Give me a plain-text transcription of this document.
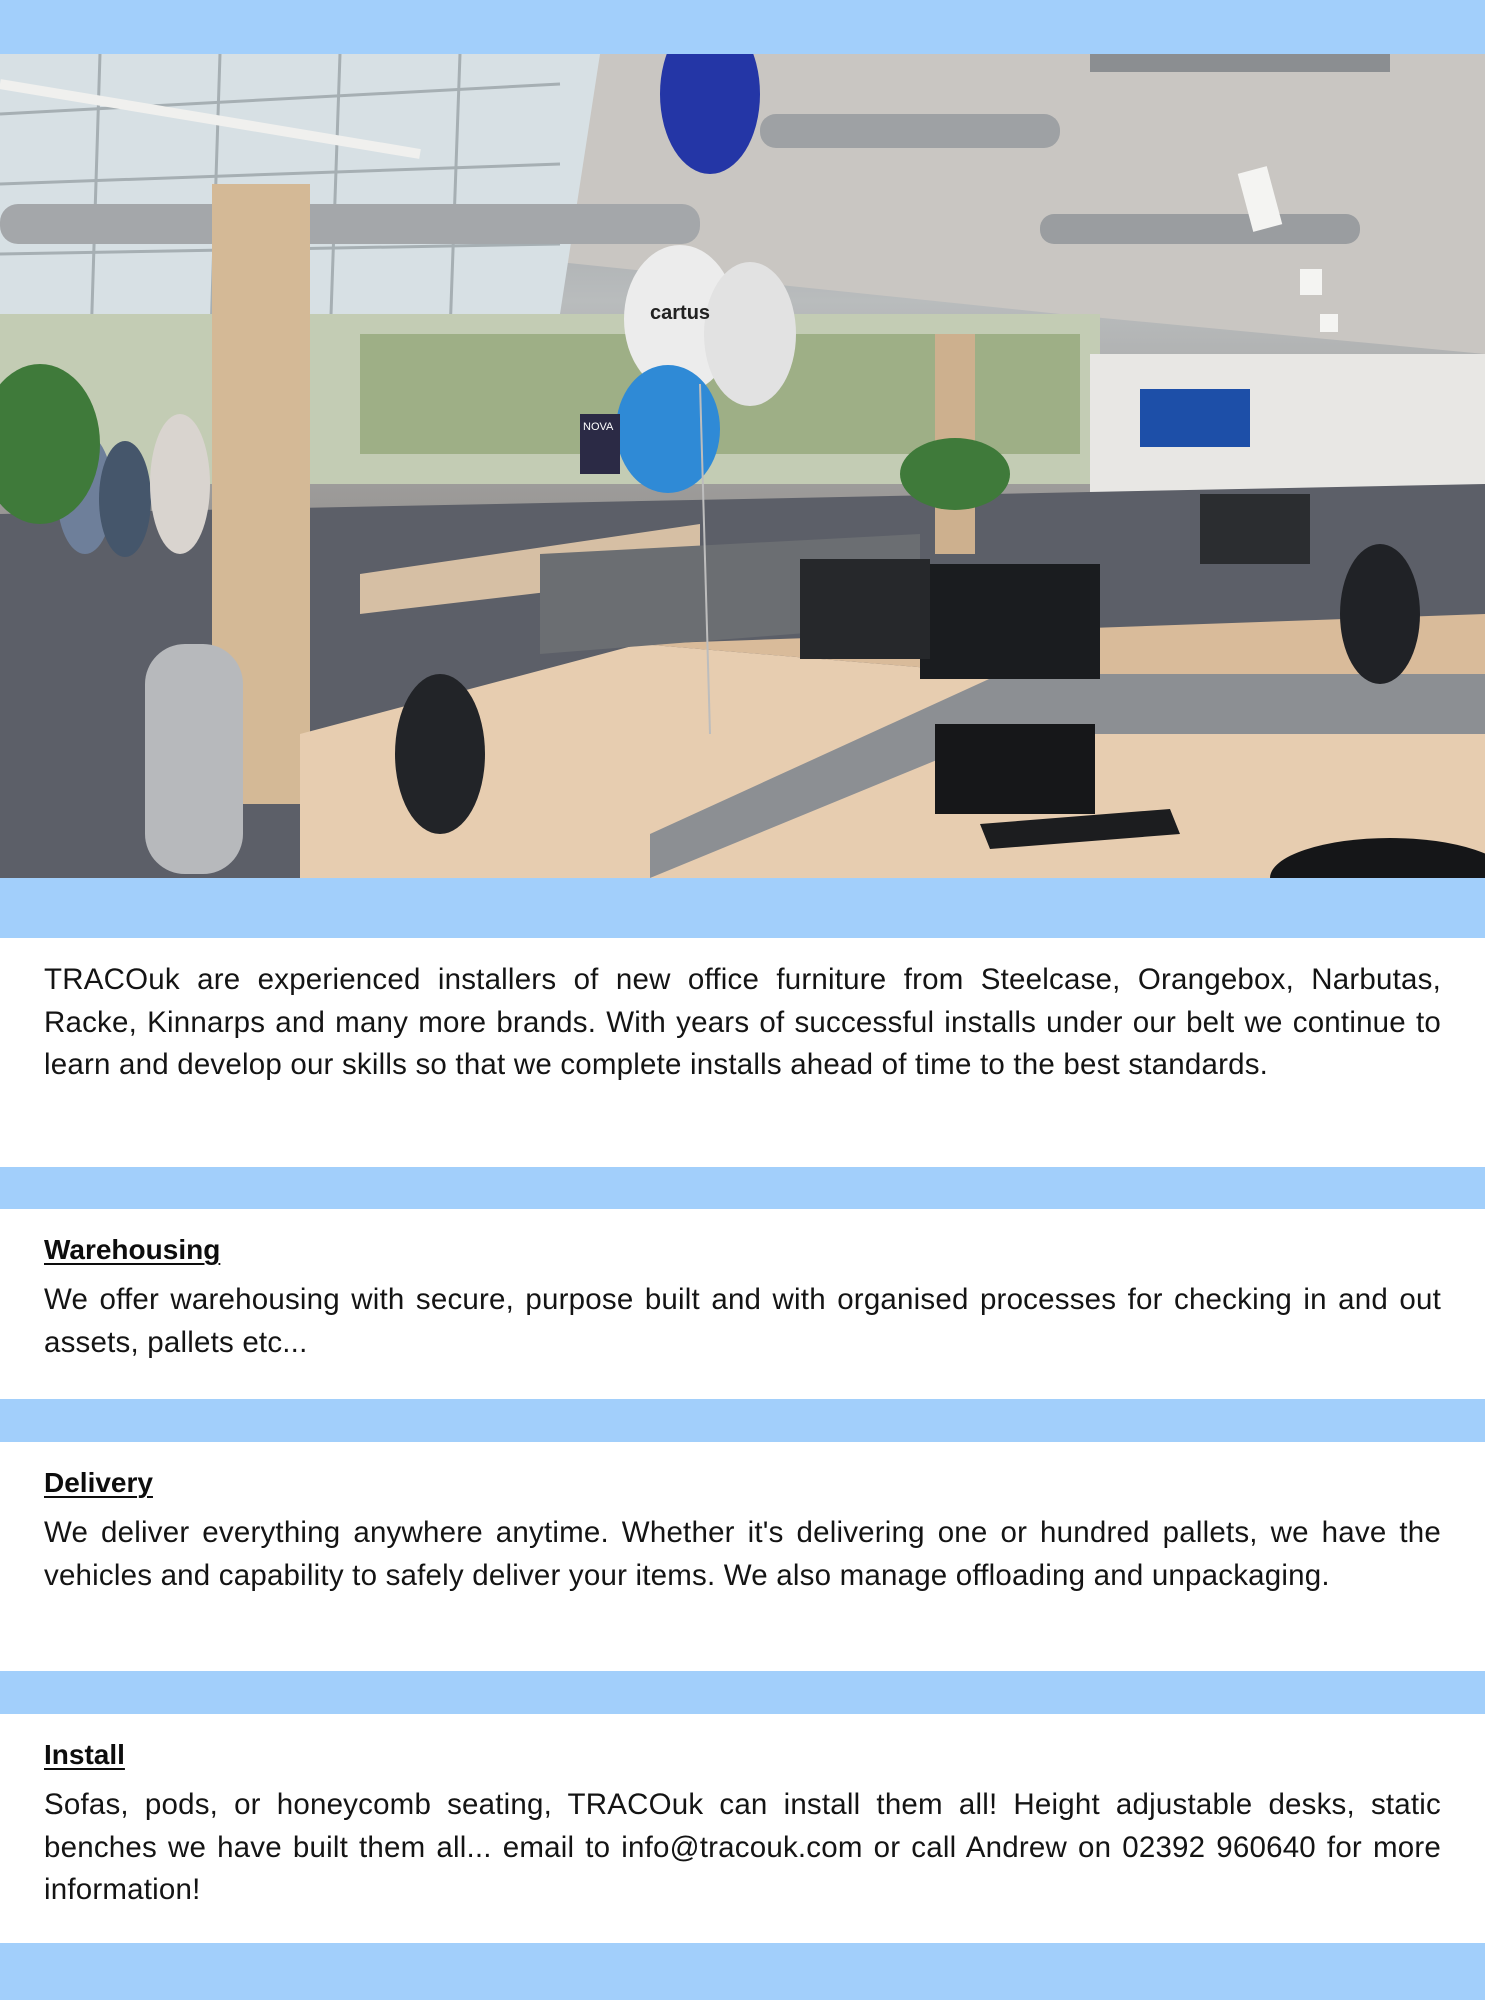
cartus
NOVA

TRACOuk are experienced installers of new office furniture from Steelcase, Orangebox, Narbutas, Racke, Kinnarps and many more brands. With years of successful installs under our belt we continue to learn and develop our skills so that we complete installs ahead of time to the best standards.

Warehousing

We offer warehousing with secure, purpose built and with organised processes for checking in and out assets, pallets etc...

Delivery

We deliver everything anywhere anytime. Whether it's delivering one or hundred pallets, we have the vehicles and capability to safely deliver your items. We also manage offloading and unpackaging.

Install

Sofas, pods, or honeycomb seating, TRACOuk can install them all! Height adjustable desks, static benches we have built them all... email to info@tracouk.com or call Andrew on 02392 960640 for more information!
